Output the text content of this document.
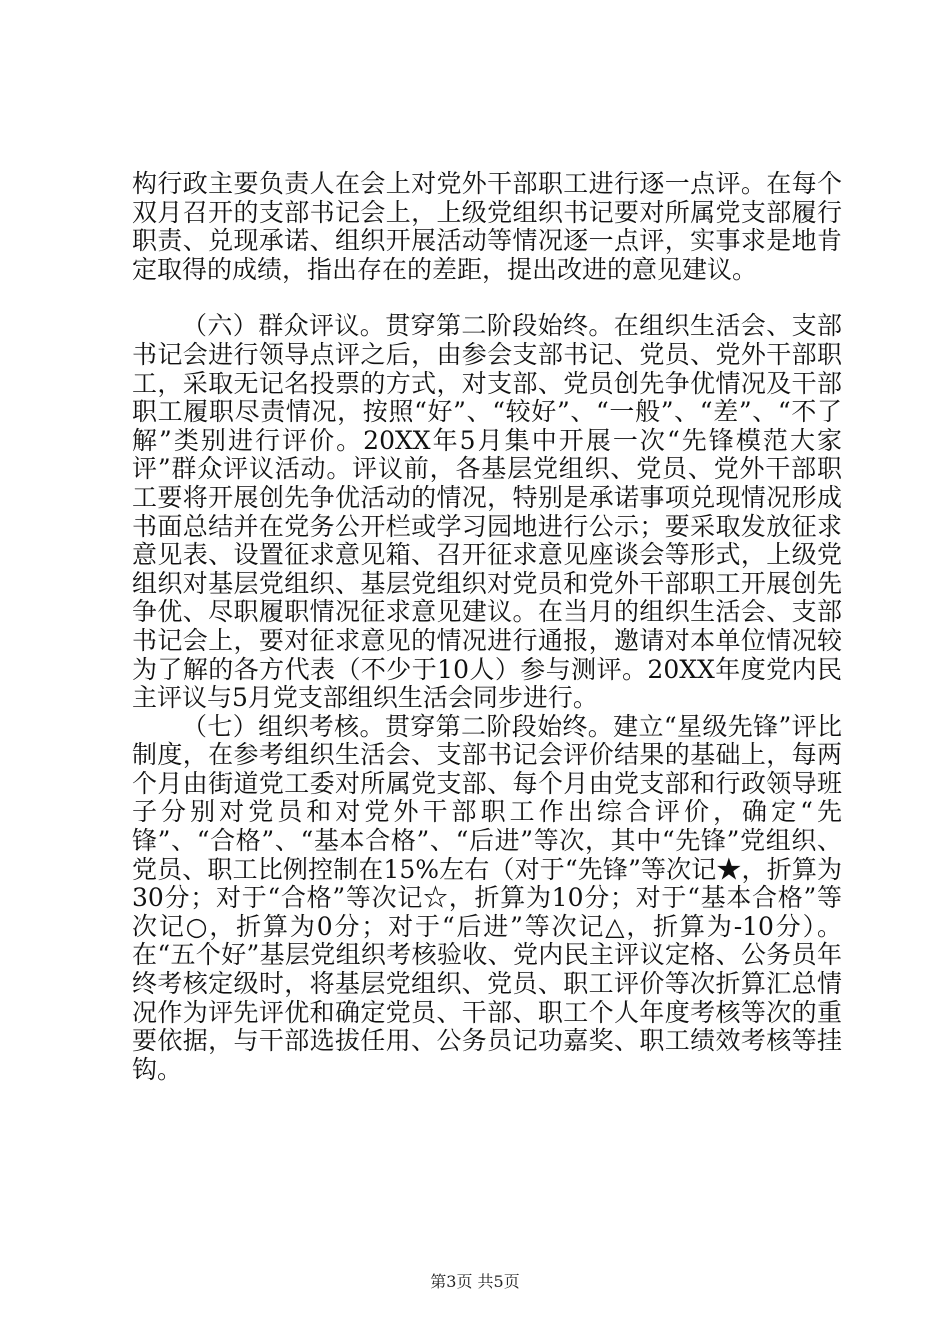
构行政主要负责人在会上对党外干部职工进行逐一点评。在每个双月召开的支部书记会上，上级党组织书记要对所属党支部履行职责、兑现承诺、组织开展活动等情况逐一点评，实事求是地肯定取得的成绩，指出存在的差距，提出改进的意见建议。

（六）群众评议。贯穿第二阶段始终。在组织生活会、支部书记会进行领导点评之后，由参会支部书记、党员、党外干部职工，采取无记名投票的方式，对支部、党员创先争优情况及干部职工履职尽责情况，按照“好”、“较好”、“一般”、“差”、“不了解”类别进行评价。20XX年5月集中开展一次“先锋模范大家评”群众评议活动。评议前，各基层党组织、党员、党外干部职工要将开展创先争优活动的情况，特别是承诺事项兑现情况形成书面总结并在党务公开栏或学习园地进行公示；要采取发放征求意见表、设置征求意见箱、召开征求意见座谈会等形式，上级党组织对基层党组织、基层党组织对党员和党外干部职工开展创先争优、尽职履职情况征求意见建议。在当月的组织生活会、支部书记会上，要对征求意见的情况进行通报，邀请对本单位情况较为了解的各方代表（不少于10人）参与测评。20XX年度党内民主评议与5月党支部组织生活会同步进行。

（七）组织考核。贯穿第二阶段始终。建立“星级先锋”评比制度，在参考组织生活会、支部书记会评价结果的基础上，每两个月由街道党工委对所属党支部、每个月由党支部和行政领导班子分别对党员和对党外干部职工作出综合评价，确定“先锋”、“合格”、“基本合格”、“后进”等次，其中“先锋”党组织、党员、职工比例控制在15%左右（对于“先锋”等次记★，折算为30分；对于“合格”等次记☆，折算为10分；对于“基本合格”等次记○，折算为0分；对于“后进”等次记△，折算为-10分）。在“五个好”基层党组织考核验收、党内民主评议定格、公务员年终考核定级时，将基层党组织、党员、职工评价等次折算汇总情况作为评先评优和确定党员、干部、职工个人年度考核等次的重要依据，与干部选拔任用、公务员记功嘉奖、职工绩效考核等挂钩。

第3页 共5页
